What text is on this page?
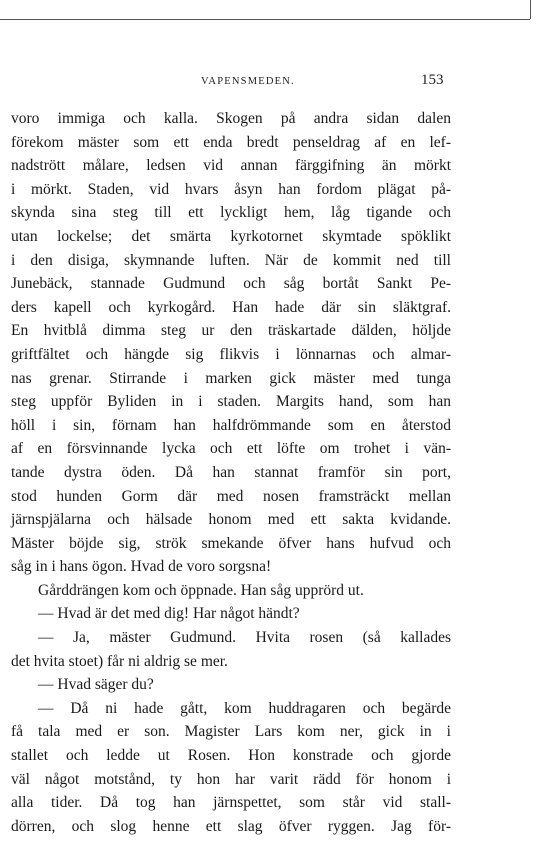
VAPENSMEDEN.	153
voro immiga och kalla. Skogen på andra sidan dalen
förekom mäster som ett enda bredt penseldrag af en lef-
nadstrött målare, ledsen vid annan färggifning än mörkt
i mörkt. Staden, vid hvars åsyn han fordom plägat på-
skynda sina steg till ett lyckligt hem, låg tigande och
utan lockelse; det smärta kyrkotornet skymtade spöklikt
i den disiga, skymnande luften. När de kommit ned till
Junebäck, stannade Gudmund och såg bortåt Sankt Pe-
ders kapell och kyrkogård. Han hade där sin släktgraf.
En hvitblå dimma steg ur den träskartade dälden, höljde
griftfältet och hängde sig flikvis i lönnarnas och almar-
nas grenar. Stirrande i marken gick mäster med tunga
steg uppför Byliden in i staden. Margits hand, som han
höll i sin, förnam han halfdrömmande som en återstod
af en försvinnande lycka och ett löfte om trohet i vän-
tande dystra öden. Då han stannat framför sin port,
stod hunden Gorm där med nosen framsträckt mellan
järnspjälarna och hälsade honom med ett sakta kvidande.
Mäster böjde sig, strök smekande öfver hans hufvud och
såg in i hans ögon. Hvad de voro sorgsna!
Gårddrängen kom och öppnade. Han såg upprörd ut.
— Hvad är det med dig! Har något händt?
— Ja, mäster Gudmund. Hvita rosen (så kallades
det hvita stoet) får ni aldrig se mer.
— Hvad säger du?
— Då ni hade gått, kom huddragaren och begärde
få tala med er son. Magister Lars kom ner, gick in i
stallet och ledde ut Rosen. Hon konstrade och gjorde
väl något motstånd, ty hon har varit rädd för honom i
alla tider. Då tog han järnspettet, som står vid stall-
dörren, och slog henne ett slag öfver ryggen. Jag för-
